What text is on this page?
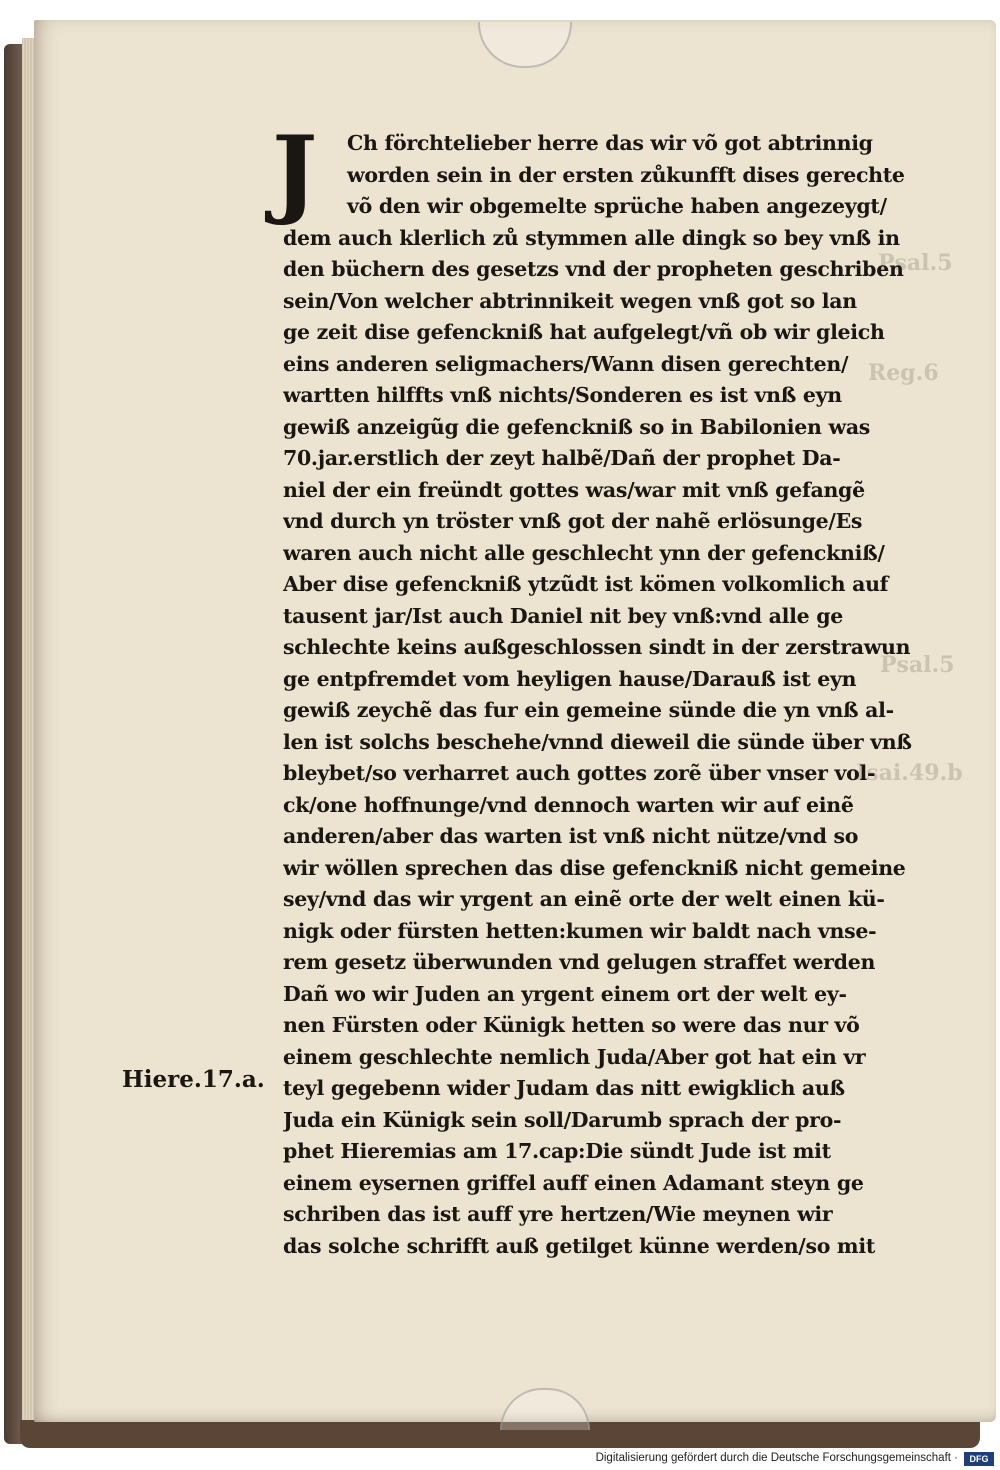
Psal.5
Reg.6
Psal.5
Isai.49.b
J	Ch förchtelieber herre das wir võ got abtrinnig
worden sein in der ersten zůkunfft dises gerechte
võ den wir obgemelte sprüche haben angezeygt/
dem auch klerlich zů stymmen alle dingk so bey vnß in
den büchern des gesetzs vnd der propheten geschriben
sein/Von welcher abtrinnikeit wegen vnß got so lan
ge zeit dise gefenckniß hat aufgelegt/vñ ob wir gleich
eins anderen seligmachers/Wann disen gerechten/
wartten hilffts vnß nichts/Sonderen es ist vnß eyn
gewiß anzeigũg die gefenckniß so in Babilonien was
70.jar.erstlich der zeyt halbẽ/Dañ der prophet Da-
niel der ein freündt gottes was/war mit vnß gefangẽ
vnd durch yn tröster vnß got der nahẽ erlösunge/Es
waren auch nicht alle geschlecht ynn der gefenckniß/
Aber dise gefenckniß ytzũdt ist kömen volkomlich auf
tausent jar/Ist auch Daniel nit bey vnß:vnd alle ge
schlechte keins außgeschlossen sindt in der zerstrawun
ge entpfremdet vom heyligen hause/Darauß ist eyn
gewiß zeychẽ das fur ein gemeine sünde die yn vnß al-
len ist solchs beschehe/vnnd dieweil die sünde über vnß
bleybet/so verharret auch gottes zorẽ über vnser vol-
ck/one hoffnunge/vnd dennoch warten wir auf einẽ
anderen/aber das warten ist vnß nicht nütze/vnd so
wir wöllen sprechen das dise gefenckniß nicht gemeine
sey/vnd das wir yrgent an einẽ orte der welt einen kü-
nigk oder fürsten hetten:kumen wir baldt nach vnse-
rem gesetz überwunden vnd gelugen straffet werden
Dañ wo wir Juden an yrgent einem ort der welt ey-
nen Fürsten oder Künigk hetten so were das nur võ
einem geschlechte nemlich Juda/Aber got hat ein vr
teyl gegebenn wider Judam das nitt ewigklich auß
Juda ein Künigk sein soll/Darumb sprach der pro-
phet Hieremias am 17.cap:Die sündt Jude ist mit
einem eysernen griffel auff einen Adamant steyn ge
schriben das ist auff yre hertzen/Wie meynen wir
das solche schrifft auß getilget künne werden/so mit
Hiere.17.a.
Digitalisierung gefördert durch die Deutsche Forschungsgemeinschaft ·	DFG
